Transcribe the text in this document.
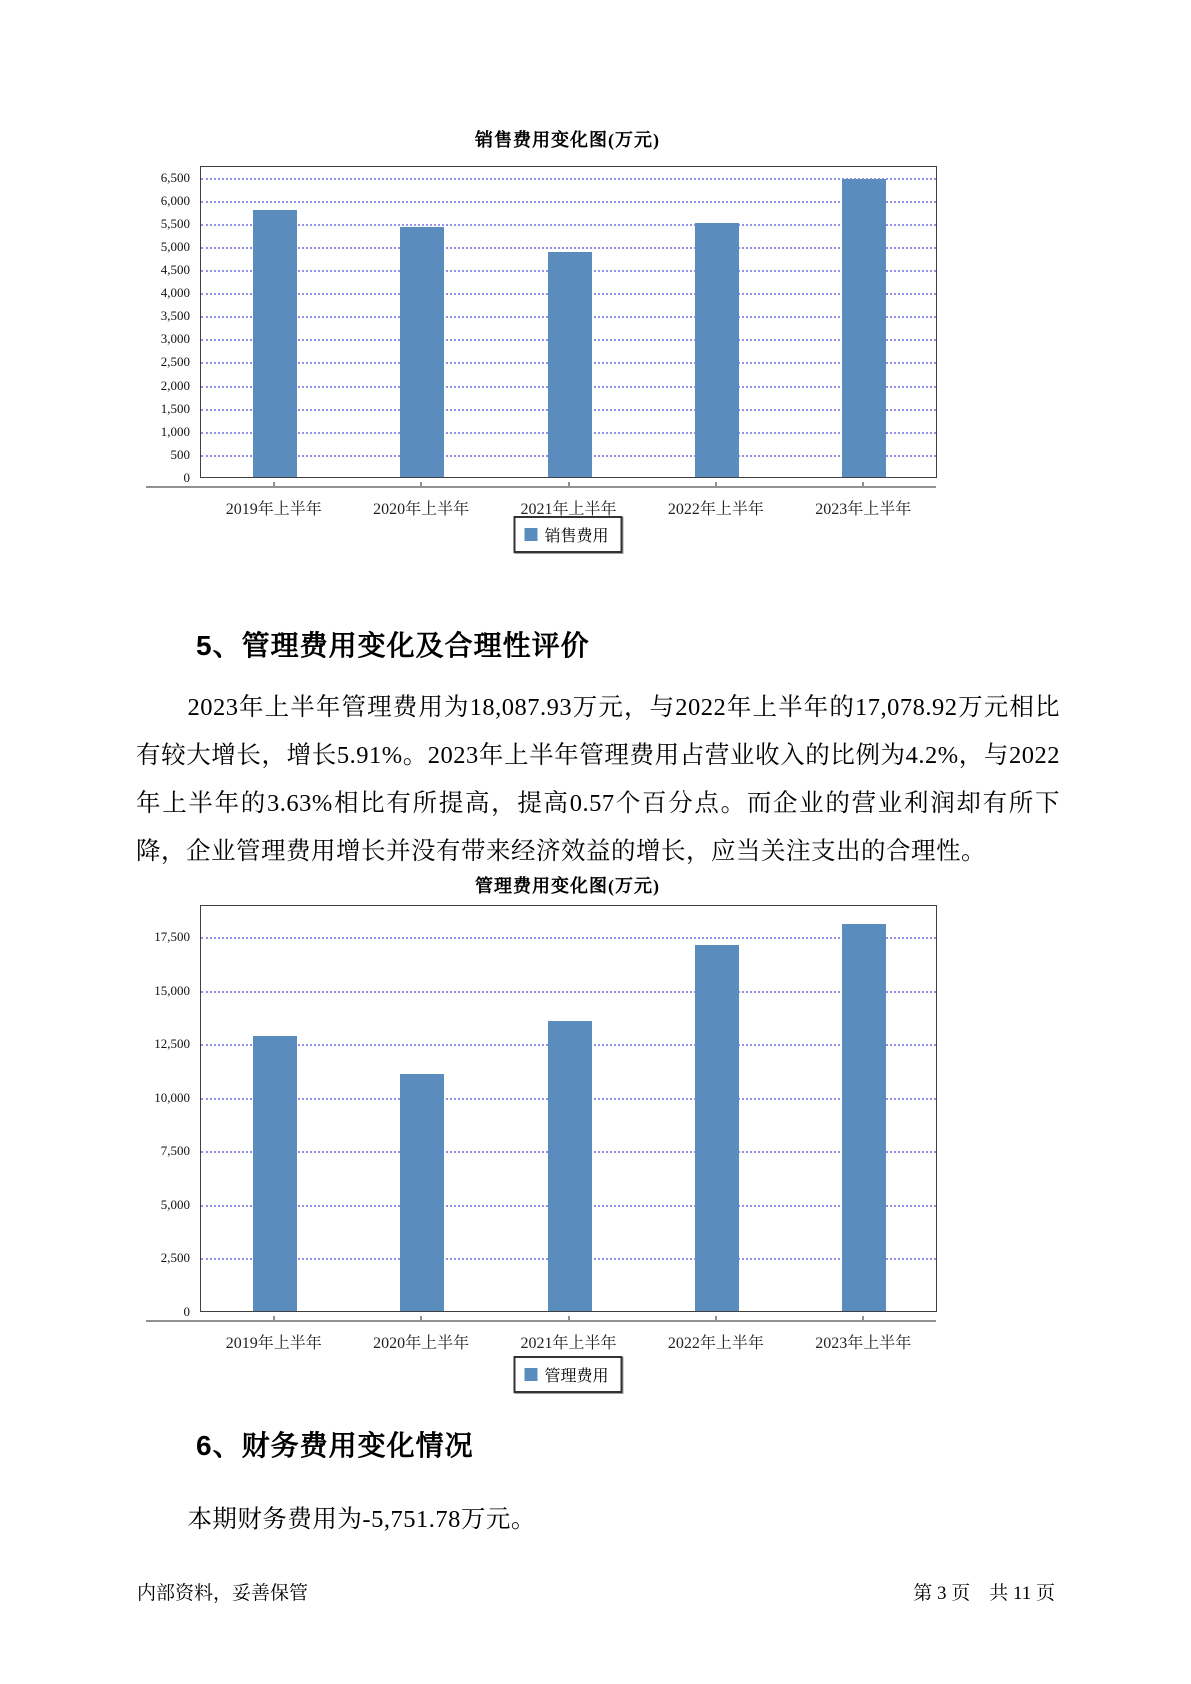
销售费用变化图(万元)
销售费用
0
500
1,000
1,500
2,000
2,500
3,000
3,500
4,000
4,500
5,000
5,500
6,000
6,500
2019年上半年	2020年上半年	2021年上半年	2022年上半年	2023年上半年
5、管理费用变化及合理性评价
2023年上半年管理费用为18,087.93万元，与2022年上半年的17,078.92万元相比有较大增长，增长5.91%。2023年上半年管理费用占营业收入的比例为4.2%，与2022年上半年的3.63%相比有所提高，提高0.57个百分点。而企业的营业利润却有所下降，企业管理费用增长并没有带来经济效益的增长，应当关注支出的合理性。
管理费用变化图(万元)
管理费用
0
2,500
5,000
7,500
10,000
12,500
15,000
17,500
2019年上半年	2020年上半年	2021年上半年	2022年上半年	2023年上半年
6、财务费用变化情况
本期财务费用为-5,751.78万元。
内部资料，妥善保管	第 3 页　共 11 页
